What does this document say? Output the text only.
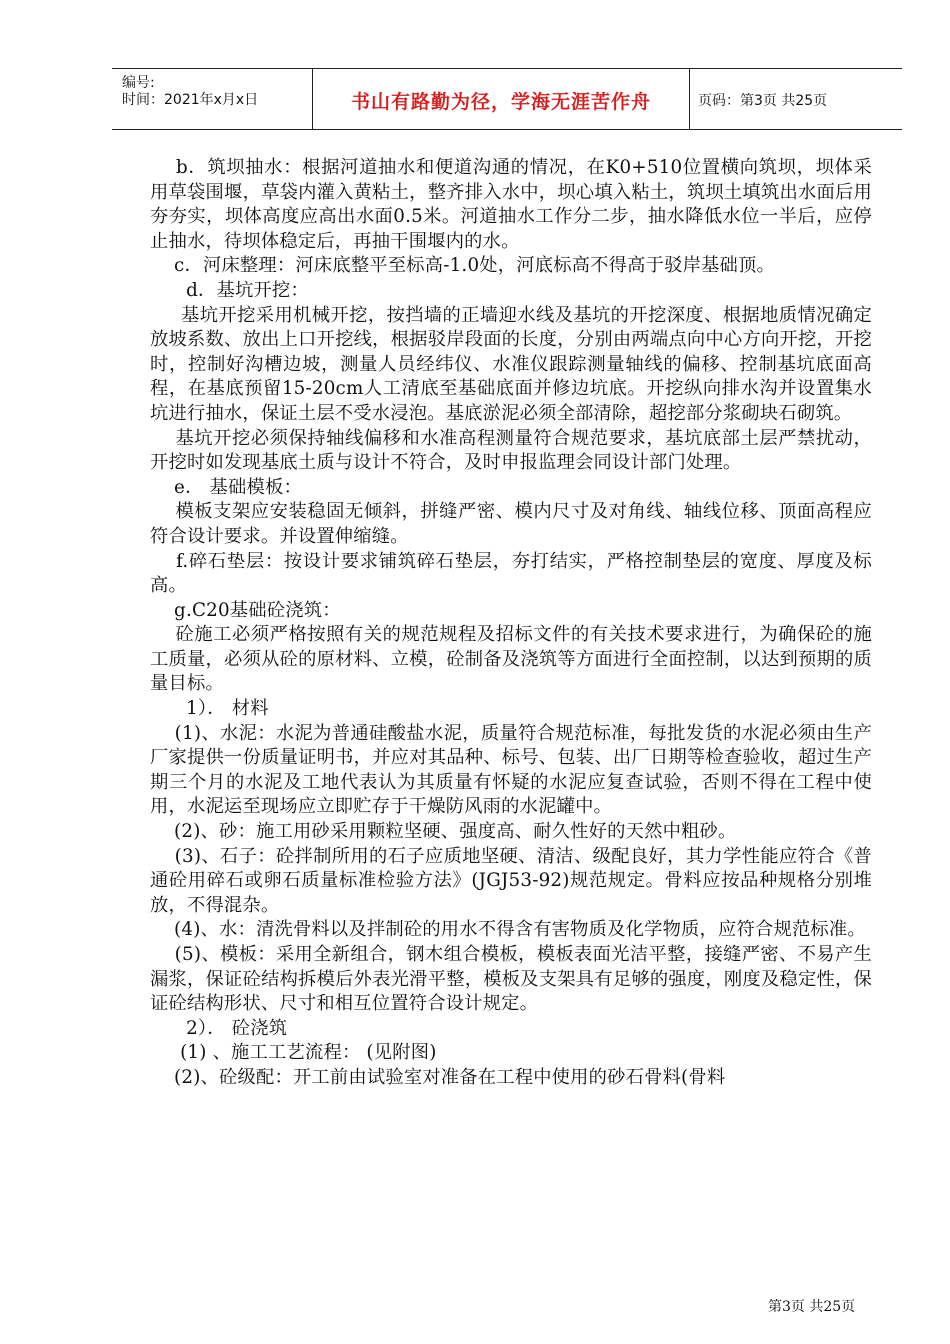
编号:
时间：2021年x月x日	书山有路勤为径，学海无涯苦作舟	页码：第3页 共25页

b．筑坝抽水：根据河道抽水和便道沟通的情况，在K0+510位置横向筑坝，坝体采用草袋围堰，草袋内灌入黄粘土，整齐排入水中，坝心填入粘土，筑坝土填筑出水面后用夯夯实，坝体高度应高出水面0.5米。河道抽水工作分二步，抽水降低水位一半后，应停止抽水，待坝体稳定后，再抽干围堰内的水。

c．河床整理：河床底整平至标高-1.0处，河底标高不得高于驳岸基础顶。

d．基坑开挖：

基坑开挖采用机械开挖，按挡墙的正墙迎水线及基坑的开挖深度、根据地质情况确定放坡系数、放出上口开挖线，根据驳岸段面的长度，分别由两端点向中心方向开挖，开挖时，控制好沟槽边坡，测量人员经纬仪、水准仪跟踪测量轴线的偏移、控制基坑底面高程，在基底预留15-20cm人工清底至基础底面并修边坑底。开挖纵向排水沟并设置集水坑进行抽水，保证土层不受水浸泡。基底淤泥必须全部清除，超挖部分浆砌块石砌筑。

基坑开挖必须保持轴线偏移和水准高程测量符合规范要求，基坑底部土层严禁扰动，开挖时如发现基底土质与设计不符合，及时申报监理会同设计部门处理。

e． 基础模板：

模板支架应安装稳固无倾斜，拼缝严密、模内尺寸及对角线、轴线位移、顶面高程应符合设计要求。并设置伸缩缝。

f.碎石垫层：按设计要求铺筑碎石垫层，夯打结实，严格控制垫层的宽度、厚度及标高。

g.C20基础砼浇筑：

砼施工必须严格按照有关的规范规程及招标文件的有关技术要求进行，为确保砼的施工质量，必须从砼的原材料、立模，砼制备及浇筑等方面进行全面控制，以达到预期的质量目标。

1）． 材料

(1)、水泥：水泥为普通硅酸盐水泥，质量符合规范标准，每批发货的水泥必须由生产厂家提供一份质量证明书，并应对其品种、标号、包装、出厂日期等检查验收，超过生产期三个月的水泥及工地代表认为其质量有怀疑的水泥应复查试验，否则不得在工程中使用，水泥运至现场应立即贮存于干燥防风雨的水泥罐中。

(2)、砂：施工用砂采用颗粒坚硬、强度高、耐久性好的天然中粗砂。

(3)、石子：砼拌制所用的石子应质地坚硬、清洁、级配良好，其力学性能应符合《普通砼用碎石或卵石质量标准检验方法》(JGJ53-92)规范规定。骨料应按品种规格分别堆放，不得混杂。

(4)、水：清洗骨料以及拌制砼的用水不得含有害物质及化学物质，应符合规范标准。

(5)、模板：采用全新组合，钢木组合模板，模板表面光洁平整，接缝严密、不易产生漏浆，保证砼结构拆模后外表光滑平整，模板及支架具有足够的强度，刚度及稳定性，保证砼结构形状、尺寸和相互位置符合设计规定。

2）． 砼浇筑

(1) 、施工工艺流程： (见附图)

(2)、砼级配：开工前由试验室对准备在工程中使用的砂石骨料(骨料

第3页 共25页
